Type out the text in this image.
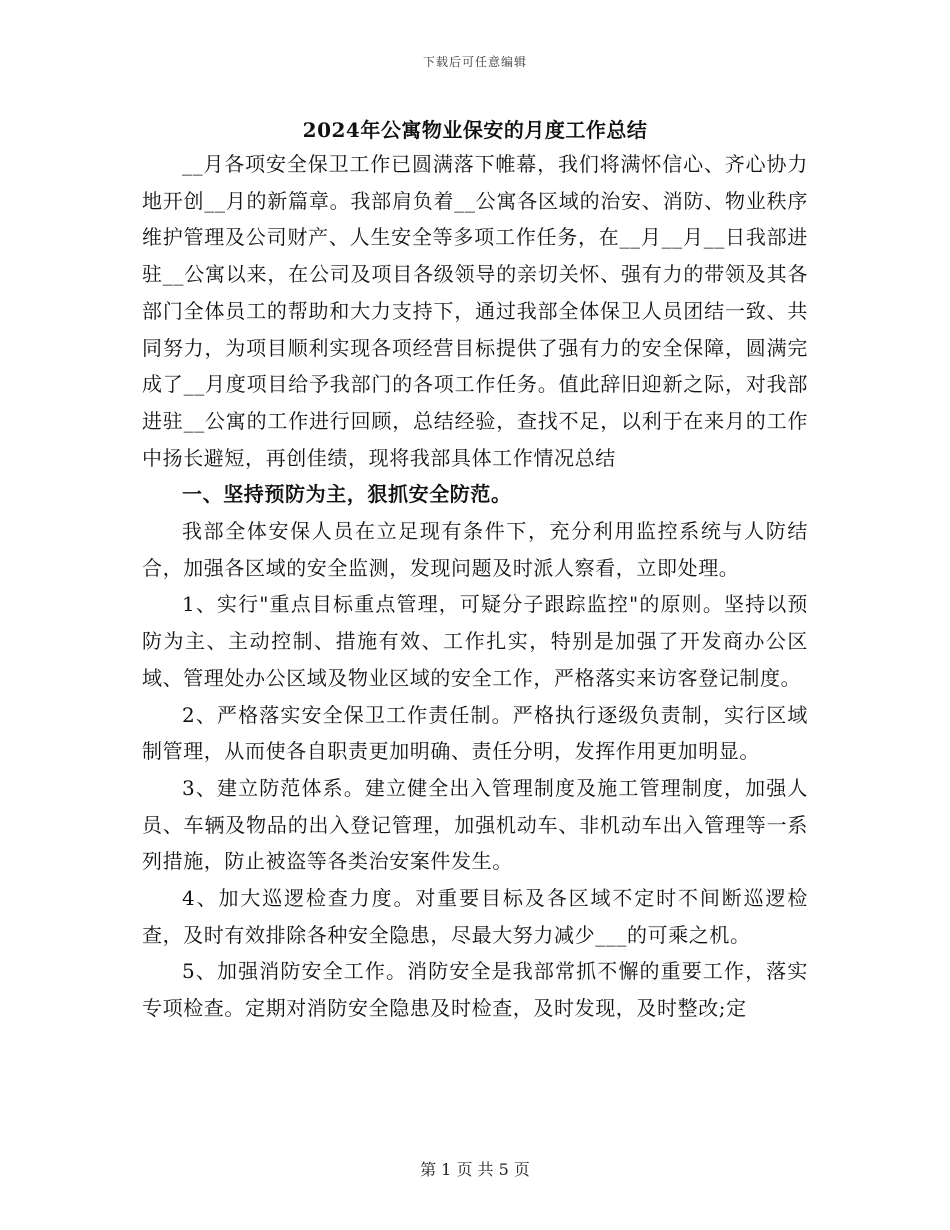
下载后可任意编辑
2024年公寓物业保安的月度工作总结

__月各项安全保卫工作已圆满落下帷幕，我们将满怀信心、齐心协力地开创__月的新篇章。我部肩负着__公寓各区域的治安、消防、物业秩序维护管理及公司财产、人生安全等多项工作任务，在__月__月__日我部进驻__公寓以来，在公司及项目各级领导的亲切关怀、强有力的带领及其各部门全体员工的帮助和大力支持下，通过我部全体保卫人员团结一致、共同努力，为项目顺利实现各项经营目标提供了强有力的安全保障，圆满完成了__月度项目给予我部门的各项工作任务。值此辞旧迎新之际，对我部进驻__公寓的工作进行回顾，总结经验，查找不足，以利于在来月的工作中扬长避短，再创佳绩，现将我部具体工作情况总结

一、坚持预防为主，狠抓安全防范。

我部全体安保人员在立足现有条件下，充分利用监控系统与人防结合，加强各区域的安全监测，发现问题及时派人察看，立即处理。

1、实行"重点目标重点管理，可疑分子跟踪监控"的原则。坚持以预防为主、主动控制、措施有效、工作扎实，特别是加强了开发商办公区域、管理处办公区域及物业区域的安全工作，严格落实来访客登记制度。

2、严格落实安全保卫工作责任制。严格执行逐级负责制，实行区域制管理，从而使各自职责更加明确、责任分明，发挥作用更加明显。

3、建立防范体系。建立健全出入管理制度及施工管理制度，加强人员、车辆及物品的出入登记管理，加强机动车、非机动车出入管理等一系列措施，防止被盗等各类治安案件发生。

4、加大巡逻检查力度。对重要目标及各区域不定时不间断巡逻检查，及时有效排除各种安全隐患，尽最大努力减少___的可乘之机。

5、加强消防安全工作。消防安全是我部常抓不懈的重要工作，落实专项检查。定期对消防安全隐患及时检查，及时发现，及时整改;定

第 1 页 共 5 页
